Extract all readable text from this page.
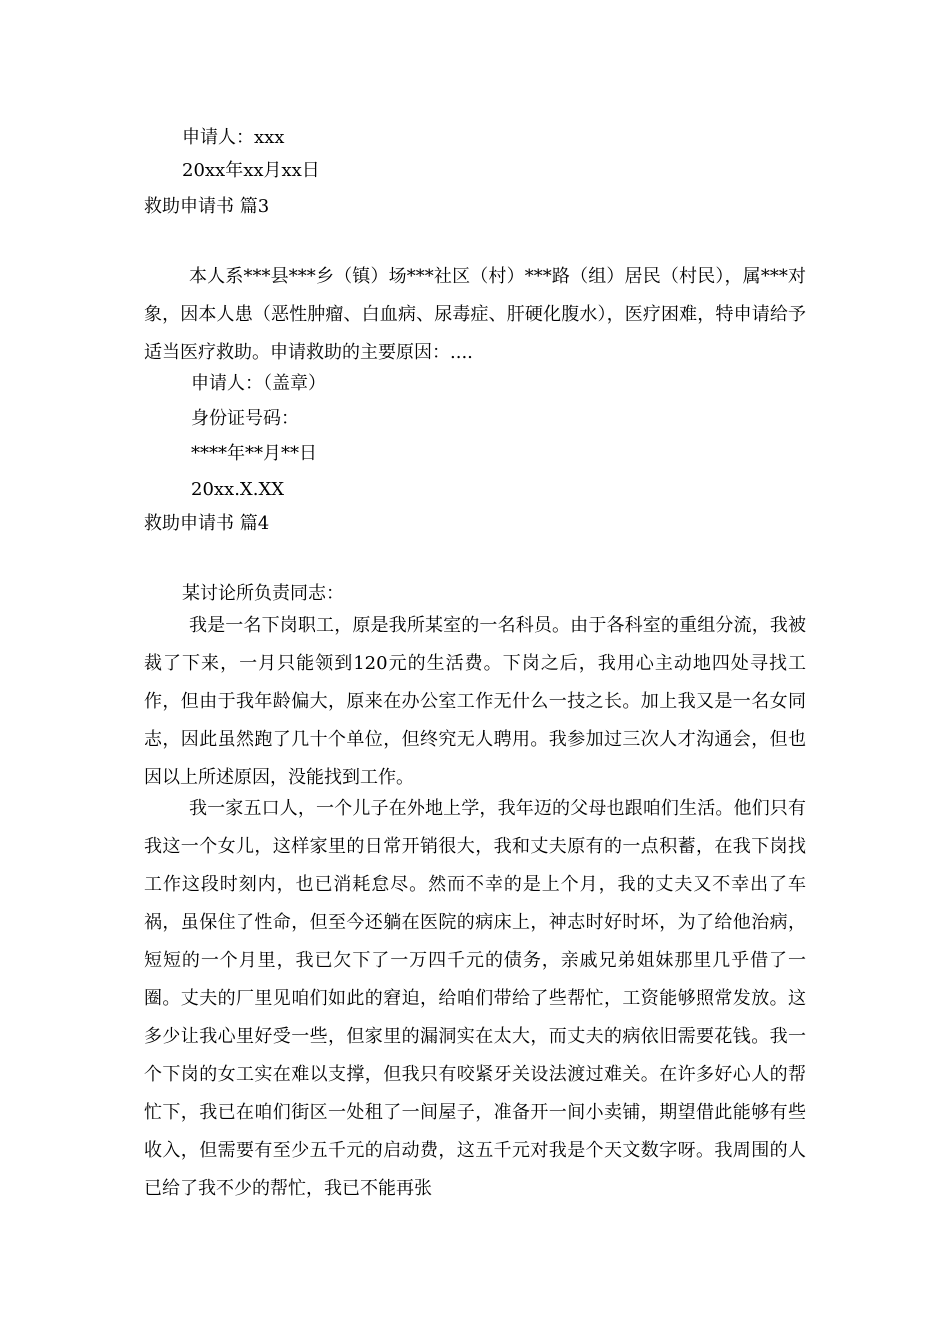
申请人：xxx

20xx年xx月xx日

救助申请书 篇3

本人系***县***乡（镇）场***社区（村）***路（组）居民（村民），属***对象，因本人患（恶性肿瘤、白血病、尿毒症、肝硬化腹水），医疗困难，特申请给予适当医疗救助。申请救助的主要原因：....

申请人：（盖章）

身份证号码：

****年**月**日

20xx.X.XX

救助申请书 篇4

某讨论所负责同志：

我是一名下岗职工，原是我所某室的一名科员。由于各科室的重组分流，我被裁了下来，一月只能领到120元的生活费。下岗之后，我用心主动地四处寻找工作，但由于我年龄偏大，原来在办公室工作无什么一技之长。加上我又是一名女同志，因此虽然跑了几十个单位，但终究无人聘用。我参加过三次人才沟通会，但也因以上所述原因，没能找到工作。

我一家五口人，一个儿子在外地上学，我年迈的父母也跟咱们生活。他们只有我这一个女儿，这样家里的日常开销很大，我和丈夫原有的一点积蓄，在我下岗找工作这段时刻内，也已消耗怠尽。然而不幸的是上个月，我的丈夫又不幸出了车祸，虽保住了性命，但至今还躺在医院的病床上，神志时好时坏，为了给他治病，短短的一个月里，我已欠下了一万四千元的债务，亲戚兄弟姐妹那里几乎借了一圈。丈夫的厂里见咱们如此的窘迫，给咱们带给了些帮忙，工资能够照常发放。这多少让我心里好受一些，但家里的漏洞实在太大，而丈夫的病依旧需要花钱。我一个下岗的女工实在难以支撑，但我只有咬紧牙关设法渡过难关。在许多好心人的帮忙下，我已在咱们街区一处租了一间屋子，准备开一间小卖铺，期望借此能够有些收入，但需要有至少五千元的启动费，这五千元对我是个天文数字呀。我周围的人已给了我不少的帮忙，我已不能再张
